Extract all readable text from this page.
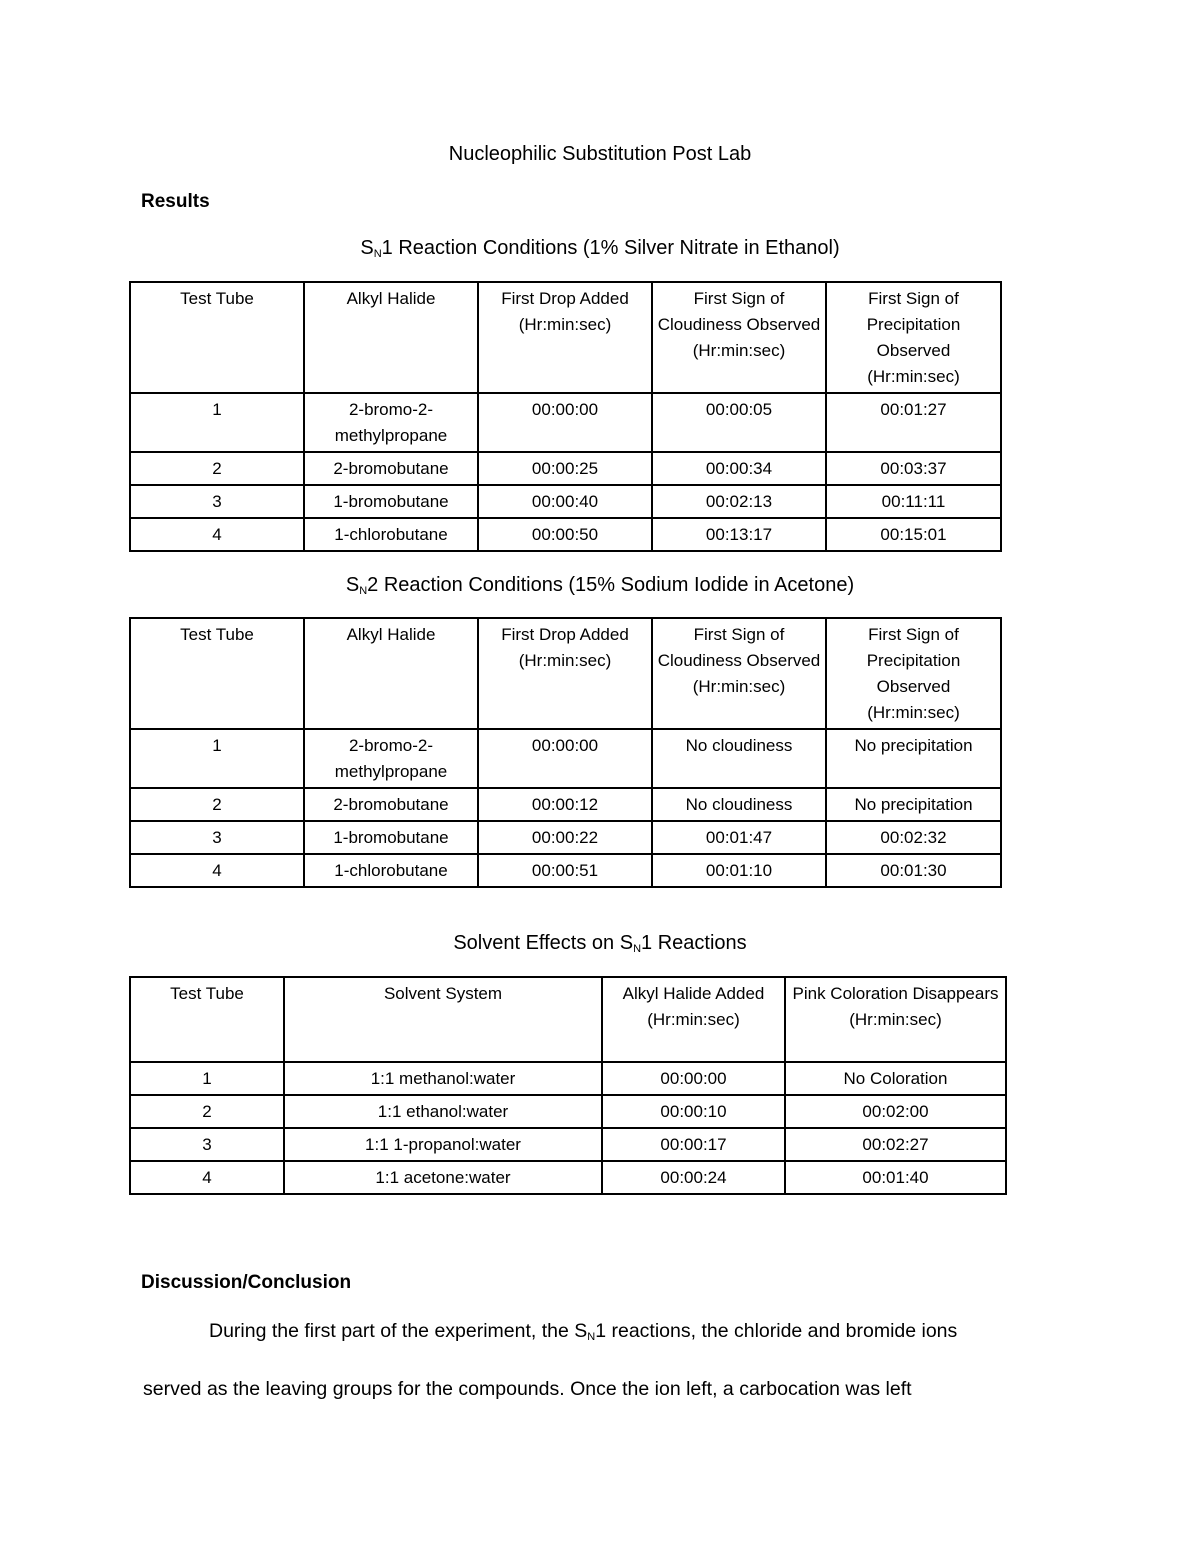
Nucleophilic Substitution Post Lab
Results
$S_N1$ Reaction Conditions (1% Silver Nitrate in Ethanol)
Test Tube	Alkyl Halide	First Drop Added (Hr:min:sec)	First Sign of Cloudiness Observed (Hr:min:sec)	First Sign of Precipitation Observed (Hr:min:sec)
1	2-bromo-2-methylpropane	00:00:00	00:00:05	00:01:27
2	2-bromobutane	00:00:25	00:00:34	00:03:37
3	1-bromobutane	00:00:40	00:02:13	00:11:11
4	1-chlorobutane	00:00:50	00:13:17	00:15:01
$S_N2$ Reaction Conditions (15% Sodium Iodide in Acetone)
Test Tube	Alkyl Halide	First Drop Added (Hr:min:sec)	First Sign of Cloudiness Observed (Hr:min:sec)	First Sign of Precipitation Observed (Hr:min:sec)
1	2-bromo-2-methylpropane	00:00:00	No cloudiness	No precipitation
2	2-bromobutane	00:00:12	No cloudiness	No precipitation
3	1-bromobutane	00:00:22	00:01:47	00:02:32
4	1-chlorobutane	00:00:51	00:01:10	00:01:30
Solvent Effects on $S_N1$ Reactions
Test Tube	Solvent System	Alkyl Halide Added (Hr:min:sec)	Pink Coloration Disappears (Hr:min:sec)
1	1:1 methanol:water	00:00:00	No Coloration
2	1:1 ethanol:water	00:00:10	00:02:00
3	1:1 1-propanol:water	00:00:17	00:02:27
4	1:1 acetone:water	00:00:24	00:01:40
Discussion/Conclusion
During the first part of the experiment, the $S_N1$ reactions, the chloride and bromide ions
served as the leaving groups for the compounds. Once the ion left, a carbocation was left
